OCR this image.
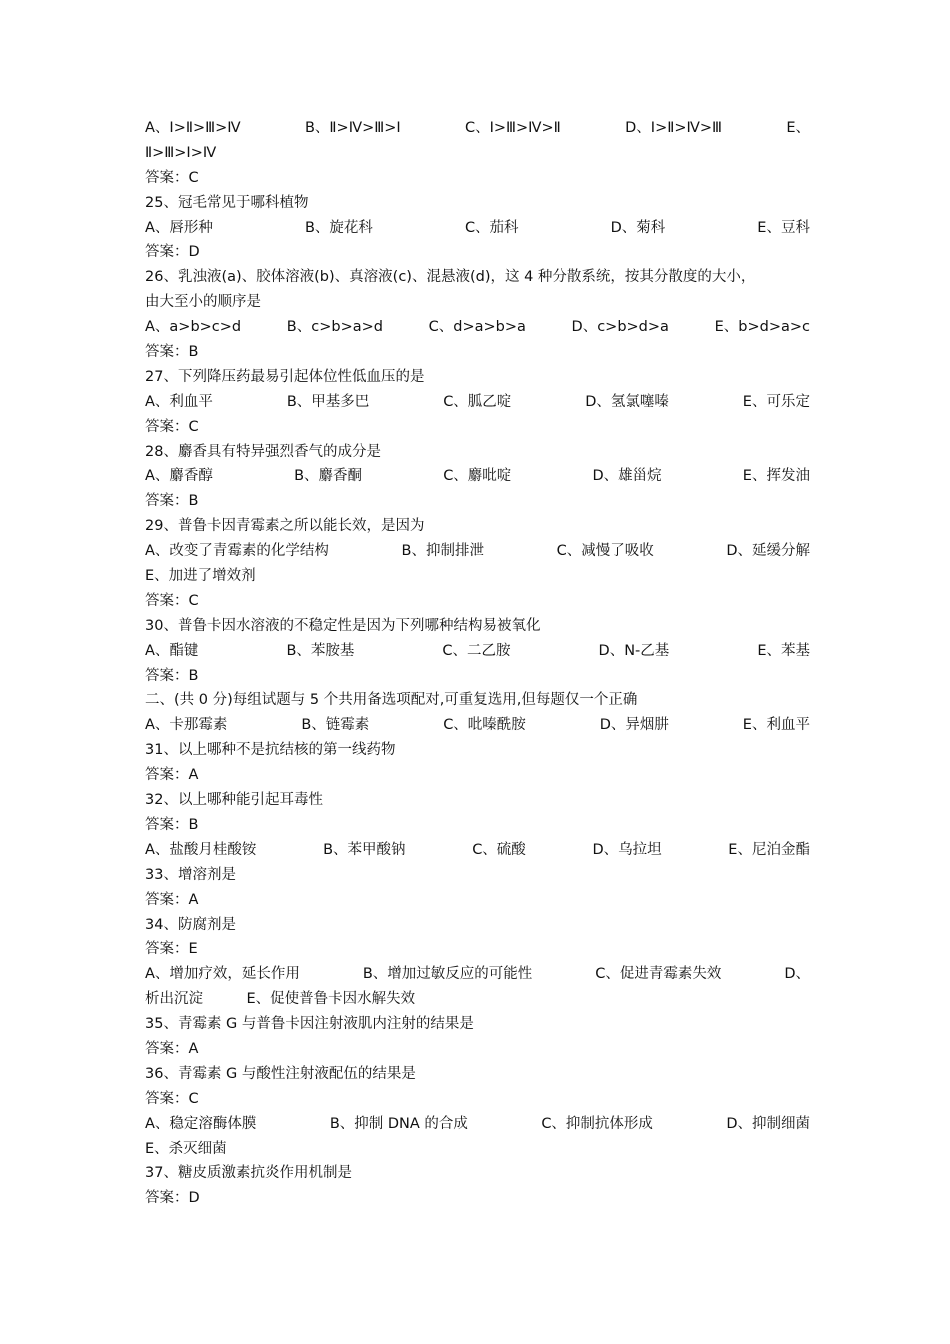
A、Ⅰ>Ⅱ>Ⅲ>Ⅳ	B、Ⅱ>Ⅳ>Ⅲ>Ⅰ	C、Ⅰ>Ⅲ>Ⅳ>Ⅱ	D、Ⅰ>Ⅱ>Ⅳ>Ⅲ	E、
Ⅱ>Ⅲ>Ⅰ>Ⅳ
答案：C
25、冠毛常见于哪科植物
A、唇形种	B、旋花科	C、茄科	D、菊科	E、豆科
答案：D
26、乳浊液(a)、胶体溶液(b)、真溶液(c)、混悬液(d)，这 4 种分散系统，按其分散度的大小，
由大至小的顺序是
A、a>b>c>d	B、c>b>a>d	C、d>a>b>a	D、c>b>d>a	E、b>d>a>c
答案：B
27、下列降压药最易引起体位性低血压的是
A、利血平	B、甲基多巴	C、胍乙啶	D、氢氯噻嗪	E、可乐定
答案：C
28、麝香具有特异强烈香气的成分是
A、麝香醇	B、麝香酮	C、麝吡啶	D、雄甾烷	E、挥发油
答案：B
29、普鲁卡因青霉素之所以能长效，是因为
A、改变了青霉素的化学结构	B、抑制排泄	C、减慢了吸收	D、延缓分解
E、加进了增效剂
答案：C
30、普鲁卡因水溶液的不稳定性是因为下列哪种结构易被氧化
A、酯键	B、苯胺基	C、二乙胺	D、N-乙基	E、苯基
答案：B
二、(共 0 分)每组试题与 5 个共用备选项配对,可重复选用,但每题仅一个正确
A、卡那霉素	B、链霉素	C、吡嗪酰胺	D、异烟肼	E、利血平
31、以上哪种不是抗结核的第一线药物
答案：A
32、以上哪种能引起耳毒性
答案：B
A、盐酸月桂酸铵	B、苯甲酸钠	C、硫酸	D、乌拉坦	E、尼泊金酯
33、增溶剂是
答案：A
34、防腐剂是
答案：E
A、增加疗效，延长作用	B、增加过敏反应的可能性	C、促进青霉素失效	D、
析出沉淀　　　E、促使普鲁卡因水解失效
35、青霉素 G 与普鲁卡因注射液肌内注射的结果是
答案：A
36、青霉素 G 与酸性注射液配伍的结果是
答案：C
A、稳定溶酶体膜	B、抑制 DNA 的合成	C、抑制抗体形成	D、抑制细菌
E、杀灭细菌
37、糖皮质激素抗炎作用机制是
答案：D
